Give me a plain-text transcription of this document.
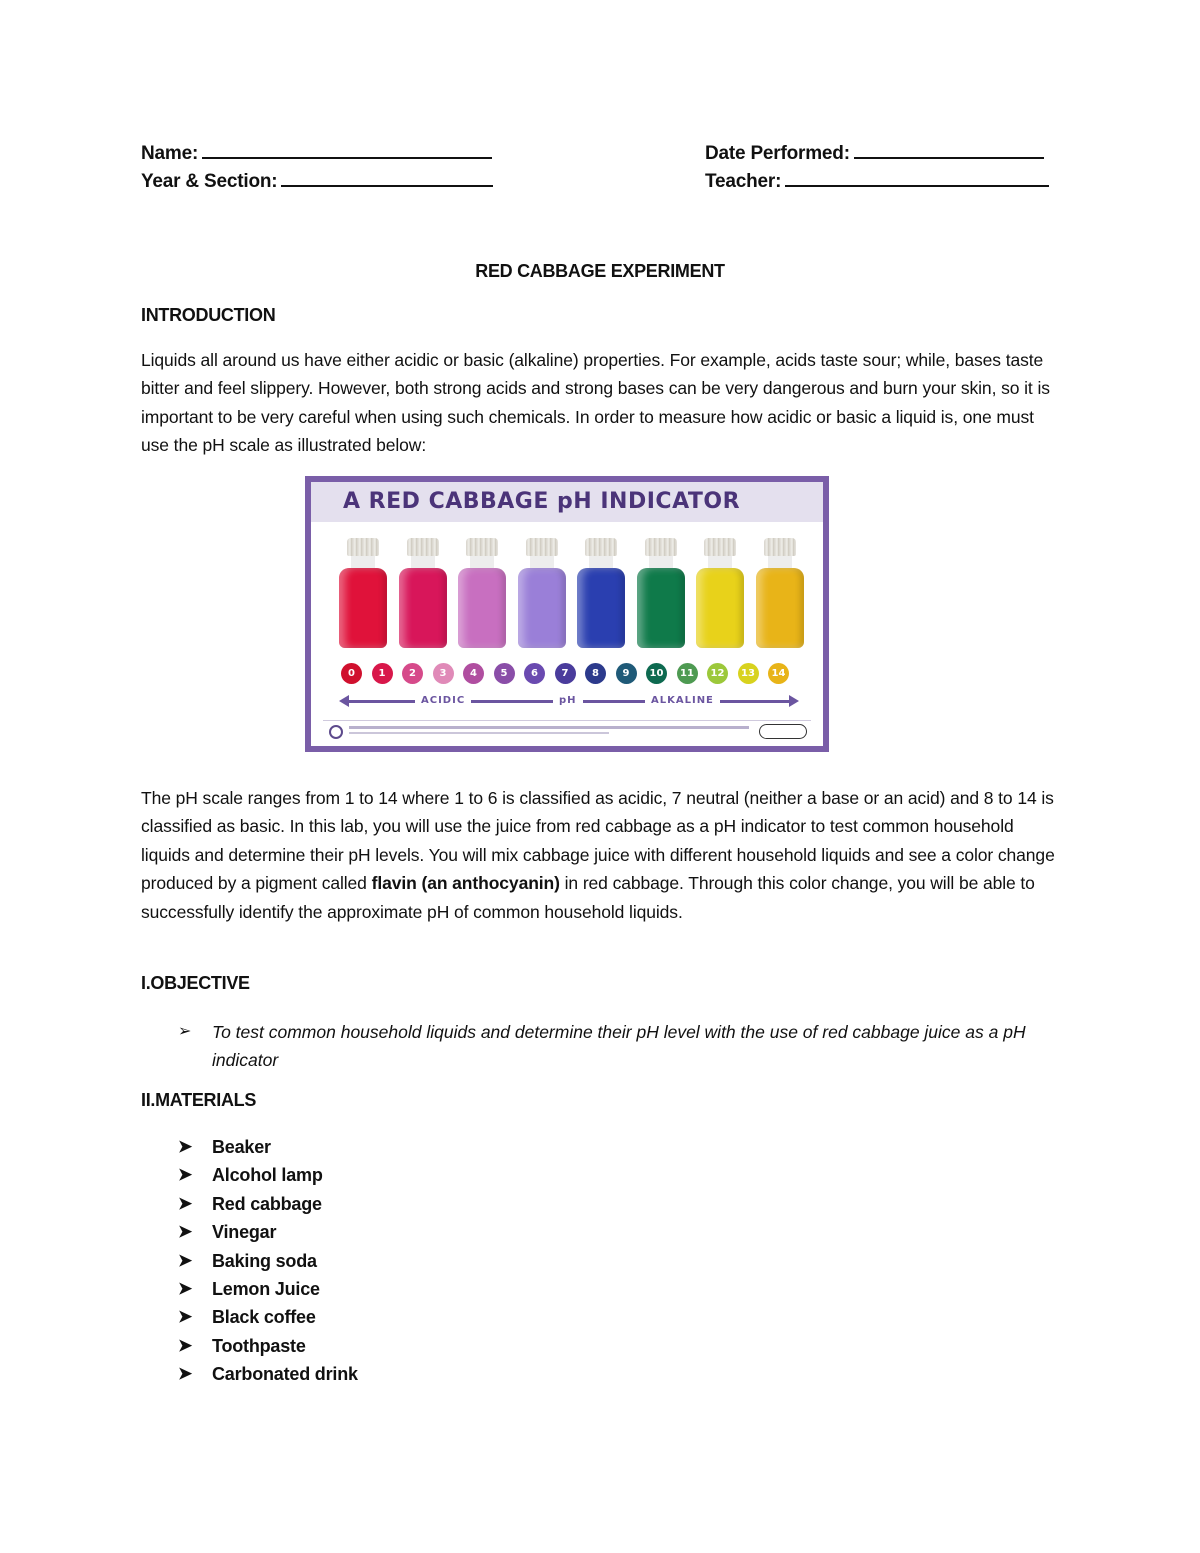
Name:	Date Performed:
Year & Section:	Teacher:
RED CABBAGE EXPERIMENT
INTRODUCTION
Liquids all around us have either acidic or basic (alkaline) properties. For example, acids taste sour; while, bases taste bitter and feel slippery. However, both strong acids and strong bases can be very dangerous and burn your skin, so it is important to be very careful when using such chemicals. In order to measure how acidic or basic a liquid is, one must use the pH scale as illustrated below:
A RED CABBAGE pH INDICATOR
0	1	2	3	4	5	6	7	8	9	10	11	12	13	14
ACIDIC	pH	ALKALINE
The pH scale ranges from 1 to 14 where 1 to 6 is classified as acidic, 7 neutral (neither a base or an acid) and 8 to 14 is classified as basic. In this lab, you will use the juice from red cabbage as a pH indicator to test common household liquids and determine their pH levels. You will mix cabbage juice with different household liquids and see a color change produced by a pigment called flavin (an anthocyanin) in red cabbage. Through this color change, you will be able to successfully identify the approximate pH of common household liquids.
I.OBJECTIVE
➢ To test common household liquids and determine their pH level with the use of red cabbage juice as a pH indicator
II.MATERIALS
➤ Beaker
➤ Alcohol lamp
➤ Red cabbage
➤ Vinegar
➤ Baking soda
➤ Lemon Juice
➤ Black coffee
➤ Toothpaste
➤ Carbonated drink
